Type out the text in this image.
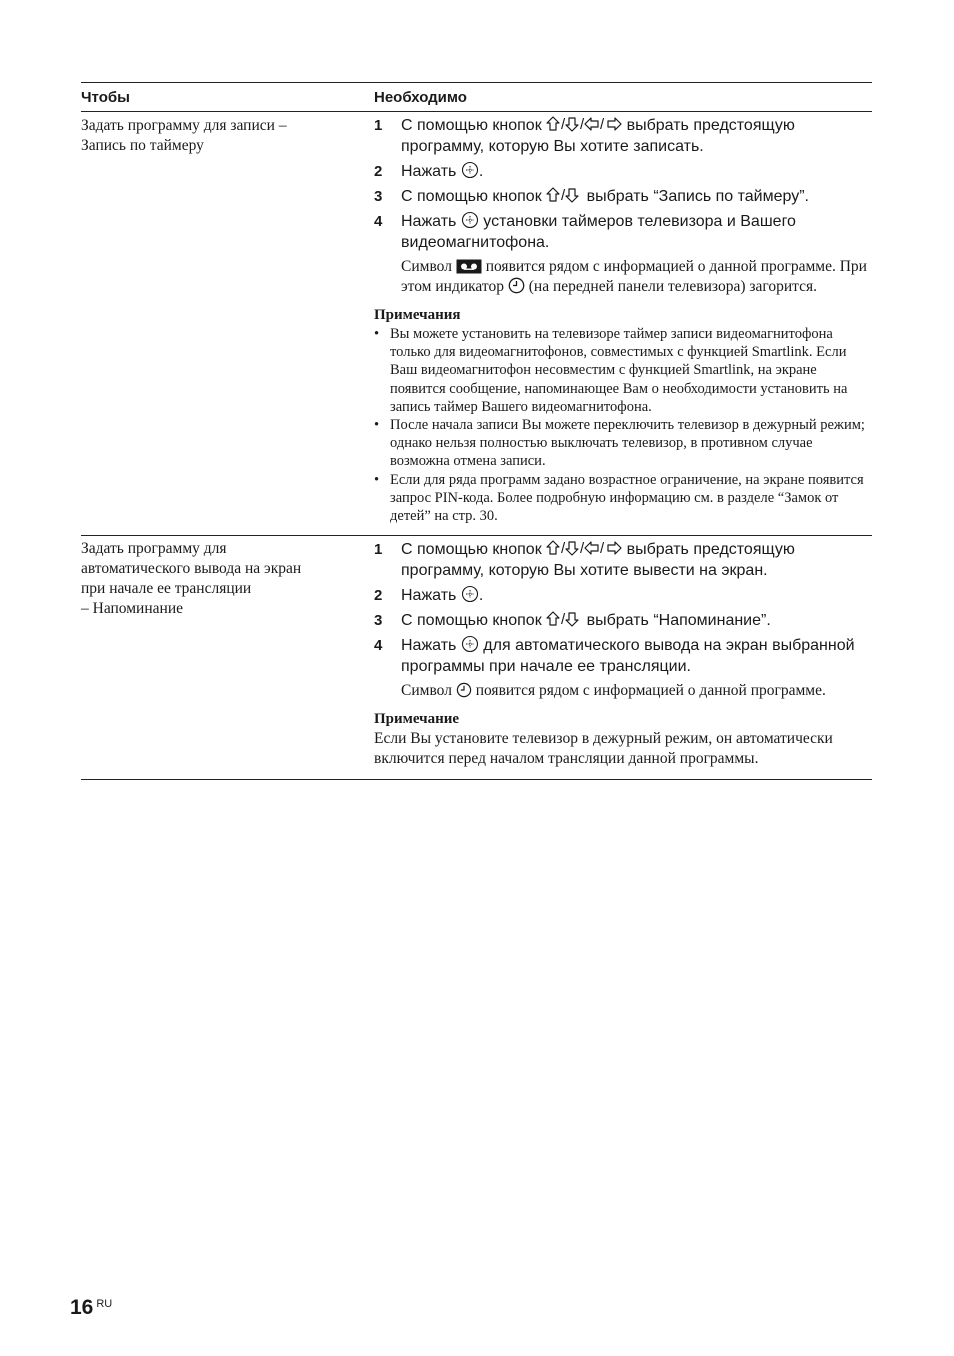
Чтобы	Необходимо
Задать программу для записи – Запись по таймеру
1	С помощью кнопок / / / выбрать предстоящую программу, которую Вы хотите записать.
2	Нажать .
3	С помощью кнопок / выбрать “Запись по таймеру”.
4	Нажать установки таймеров телевизора и Вашего видеомагнитофона.
Символ появится рядом с информацией о данной программе. При этом индикатор (на передней панели телевизора) загорится.
Примечания
• Вы можете установить на телевизоре таймер записи видеомагнитофона только для видеомагнитофонов, совместимых с функцией Smartlink. Если Ваш видеомагнитофон несовместим с функцией Smartlink, на экране появится сообщение, напоминающее Вам о необходимости установить на запись таймер Вашего видеомагнитофона.
• После начала записи Вы можете переключить телевизор в дежурный режим; однако нельзя полностью выключать телевизор, в противном случае возможна отмена записи.
• Если для ряда программ задано возрастное ограничение, на экране появится запрос PIN-кода. Более подробную информацию см. в разделе “Замок от детей” на стр. 30.
Задать программу для
автоматического вывода на экран
при начале ее трансляции
– Напоминание
1	С помощью кнопок / / / выбрать предстоящую программу, которую Вы хотите вывести на экран.
2	Нажать .
3	С помощью кнопок / выбрать “Напоминание”.
4	Нажать для автоматического вывода на экран выбранной программы при начале ее трансляции.
Символ появится рядом с информацией о данной программе.
Примечание
Если Вы установите телевизор в дежурный режим, он автоматически включится перед началом трансляции данной программы.
16 $^{RU}$
